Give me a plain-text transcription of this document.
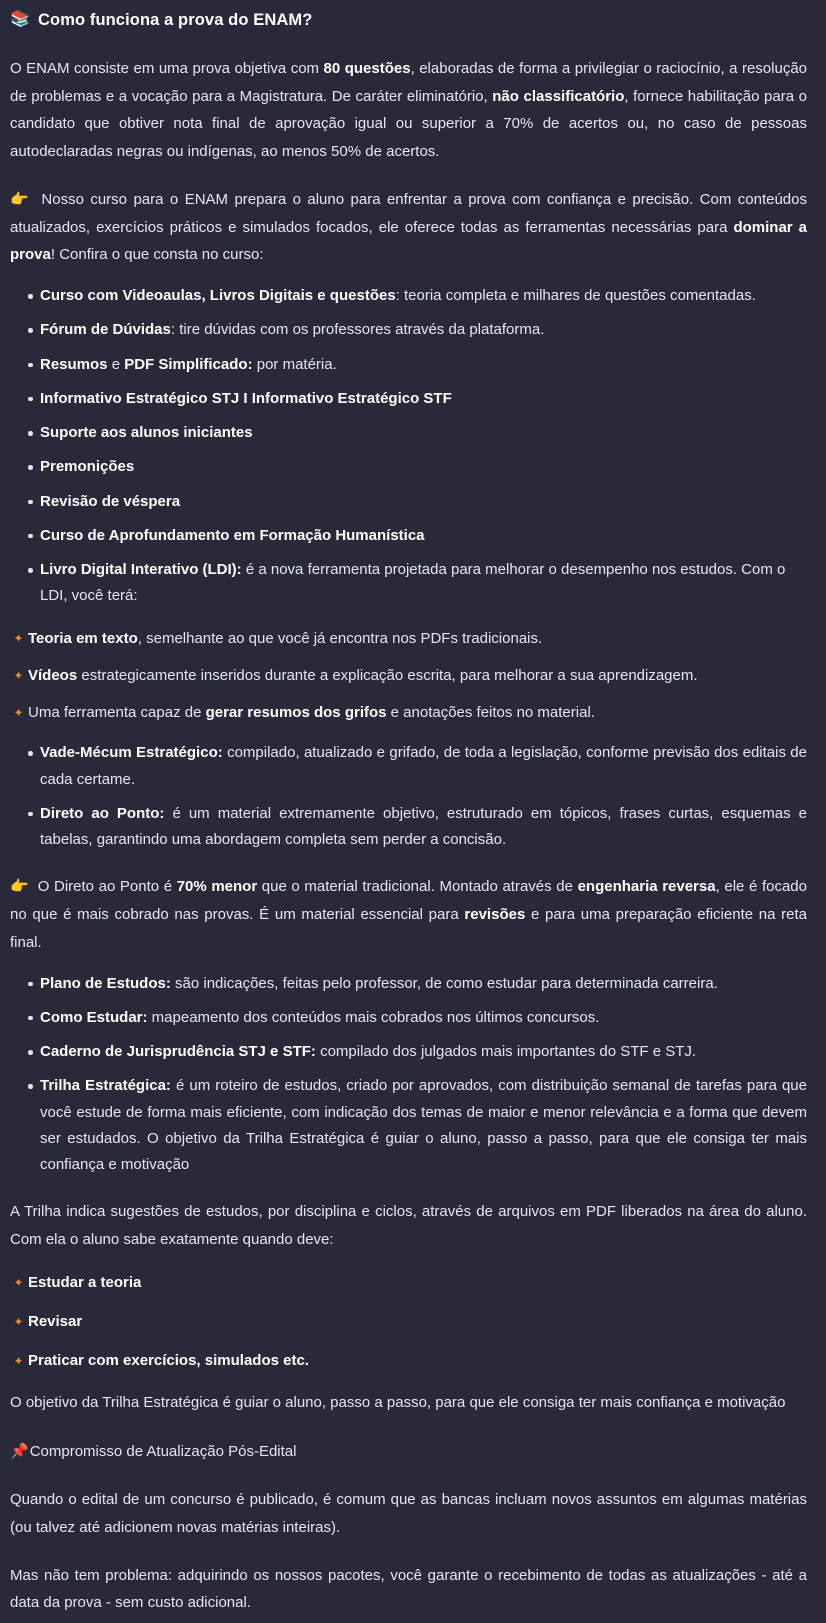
📚 Como funciona a prova do ENAM?

O ENAM consiste em uma prova objetiva com 80 questões, elaboradas de forma a privilegiar o raciocínio, a resolução de problemas e a vocação para a Magistratura. De caráter eliminatório, não classificatório, fornece habilitação para o candidato que obtiver nota final de aprovação igual ou superior a 70% de acertos ou, no caso de pessoas autodeclaradas negras ou indígenas, ao menos 50% de acertos.

👉 Nosso curso para o ENAM prepara o aluno para enfrentar a prova com confiança e precisão. Com conteúdos atualizados, exercícios práticos e simulados focados, ele oferece todas as ferramentas necessárias para dominar a prova! Confira o que consta no curso:

Curso com Videoaulas, Livros Digitais e questões: teoria completa e milhares de questões comentadas.
Fórum de Dúvidas: tire dúvidas com os professores através da plataforma.
Resumos e PDF Simplificado: por matéria.
Informativo Estratégico STJ I Informativo Estratégico STF
Suporte aos alunos iniciantes
Premonições
Revisão de véspera
Curso de Aprofundamento em Formação Humanística
Livro Digital Interativo (LDI): é a nova ferramenta projetada para melhorar o desempenho nos estudos. Com o LDI, você terá:
Teoria em texto, semelhante ao que você já encontra nos PDFs tradicionais.
Vídeos estrategicamente inseridos durante a explicação escrita, para melhorar a sua aprendizagem.
Uma ferramenta capaz de gerar resumos dos grifos e anotações feitos no material.
Vade-Mécum Estratégico: compilado, atualizado e grifado, de toda a legislação, conforme previsão dos editais de cada certame.
Direto ao Ponto: é um material extremamente objetivo, estruturado em tópicos, frases curtas, esquemas e tabelas, garantindo uma abordagem completa sem perder a concisão.

👉 O Direto ao Ponto é 70% menor que o material tradicional. Montado através de engenharia reversa, ele é focado no que é mais cobrado nas provas. É um material essencial para revisões e para uma preparação eficiente na reta final.

Plano de Estudos: são indicações, feitas pelo professor, de como estudar para determinada carreira.
Como Estudar: mapeamento dos conteúdos mais cobrados nos últimos concursos.
Caderno de Jurisprudência STJ e STF: compilado dos julgados mais importantes do STF e STJ.
Trilha Estratégica: é um roteiro de estudos, criado por aprovados, com distribuição semanal de tarefas para que você estude de forma mais eficiente, com indicação dos temas de maior e menor relevância e a forma que devem ser estudados. O objetivo da Trilha Estratégica é guiar o aluno, passo a passo, para que ele consiga ter mais confiança e motivação

A Trilha indica sugestões de estudos, por disciplina e ciclos, através de arquivos em PDF liberados na área do aluno. Com ela o aluno sabe exatamente quando deve:

Estudar a teoria
Revisar
Praticar com exercícios, simulados etc.

O objetivo da Trilha Estratégica é guiar o aluno, passo a passo, para que ele consiga ter mais confiança e motivação

📌Compromisso de Atualização Pós-Edital

Quando o edital de um concurso é publicado, é comum que as bancas incluam novos assuntos em algumas matérias (ou talvez até adicionem novas matérias inteiras).

Mas não tem problema: adquirindo os nossos pacotes, você garante o recebimento de todas as atualizações - até a data da prova - sem custo adicional.
